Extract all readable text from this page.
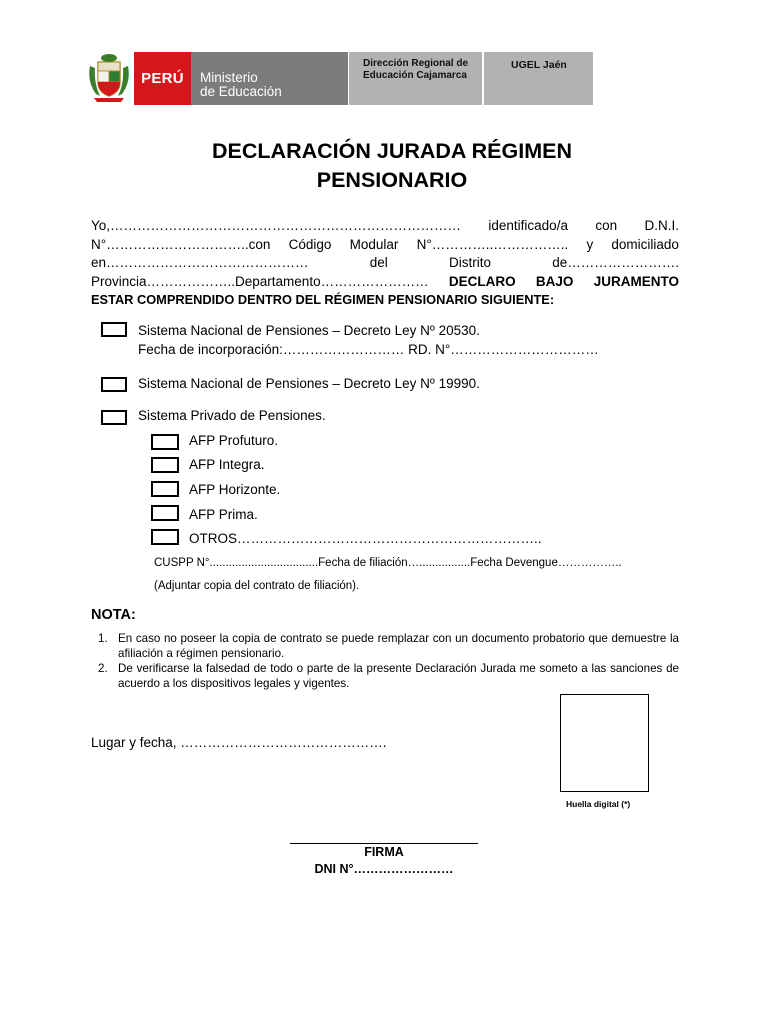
PERÚ Ministerio
de Educación
Dirección Regional de
Educación Cajamarca
UGEL Jaén
DECLARACIÓN JURADA RÉGIMEN
PENSIONARIO
Yo,…………………………………………………………………… identificado/a con D.N.I.
N°…………………………..con Código Modular N°…………..…………….. y domiciliado
en………………………………………	del	Distrito	de…………………….
Provincia………………..Departamento…………………… DECLARO BAJO JURAMENTO
ESTAR COMPRENDIDO DENTRO DEL RÉGIMEN PENSIONARIO SIGUIENTE:
Sistema Nacional de Pensiones – Decreto Ley Nº 20530.
Fecha de incorporación:……………………… RD. N°……………………………
Sistema Nacional de Pensiones – Decreto Ley Nº 19990.
Sistema Privado de Pensiones.
AFP Profuturo.
AFP Integra.
AFP Horizonte.
AFP Prima.
OTROS…………………………………………………………..
CUSPP N°..................................Fecha de filiación…................Fecha Devengue……………..
(Adjuntar copia del contrato de filiación).
NOTA:
1. En caso no poseer la copia de contrato se puede remplazar con un documento probatorio que demuestre la afiliación a régimen pensionario.
2. De verificarse la falsedad de todo o parte de la presente Declaración Jurada me someto a las sanciones de acuerdo a los dispositivos legales y vigentes.
Lugar y fecha, ……………………………………….
Huella digital (*)
FIRMA
DNI N°……………………
